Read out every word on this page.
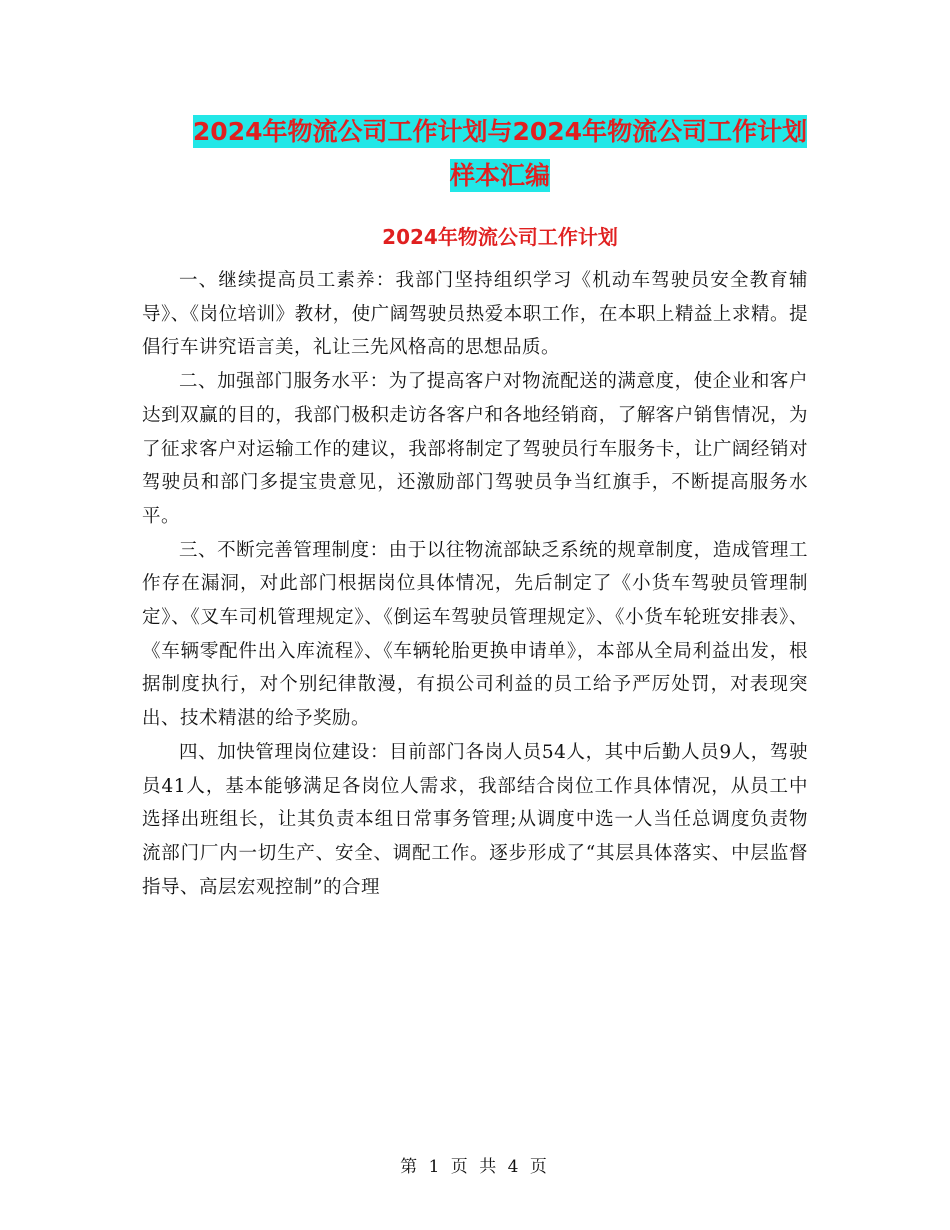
2024年物流公司工作计划与2024年物流公司工作计划
样本汇编
2024年物流公司工作计划

一、继续提高员工素养：我部门坚持组织学习《机动车驾驶员安全教育辅导》、《岗位培训》教材，使广阔驾驶员热爱本职工作，在本职上精益上求精。提倡行车讲究语言美，礼让三先风格高的思想品质。

二、加强部门服务水平：为了提高客户对物流配送的满意度，使企业和客户达到双赢的目的，我部门极积走访各客户和各地经销商，了解客户销售情况，为了征求客户对运输工作的建议，我部将制定了驾驶员行车服务卡，让广阔经销对驾驶员和部门多提宝贵意见，还激励部门驾驶员争当红旗手，不断提高服务水平。

三、不断完善管理制度：由于以往物流部缺乏系统的规章制度，造成管理工作存在漏洞，对此部门根据岗位具体情况，先后制定了《小货车驾驶员管理制定》、《叉车司机管理规定》、《倒运车驾驶员管理规定》、《小货车轮班安排表》、《车辆零配件出入库流程》、《车辆轮胎更换申请单》，本部从全局利益出发，根据制度执行，对个别纪律散漫，有损公司利益的员工给予严厉处罚，对表现突出、技术精湛的给予奖励。

四、加快管理岗位建设：目前部门各岗人员54人，其中后勤人员9人，驾驶员41人，基本能够满足各岗位人需求，我部结合岗位工作具体情况，从员工中选择出班组长，让其负责本组日常事务管理;从调度中选一人当任总调度负责物流部门厂内一切生产、安全、调配工作。逐步形成了“其层具体落实、中层监督指导、高层宏观控制”的合理

第 1 页 共 4 页
